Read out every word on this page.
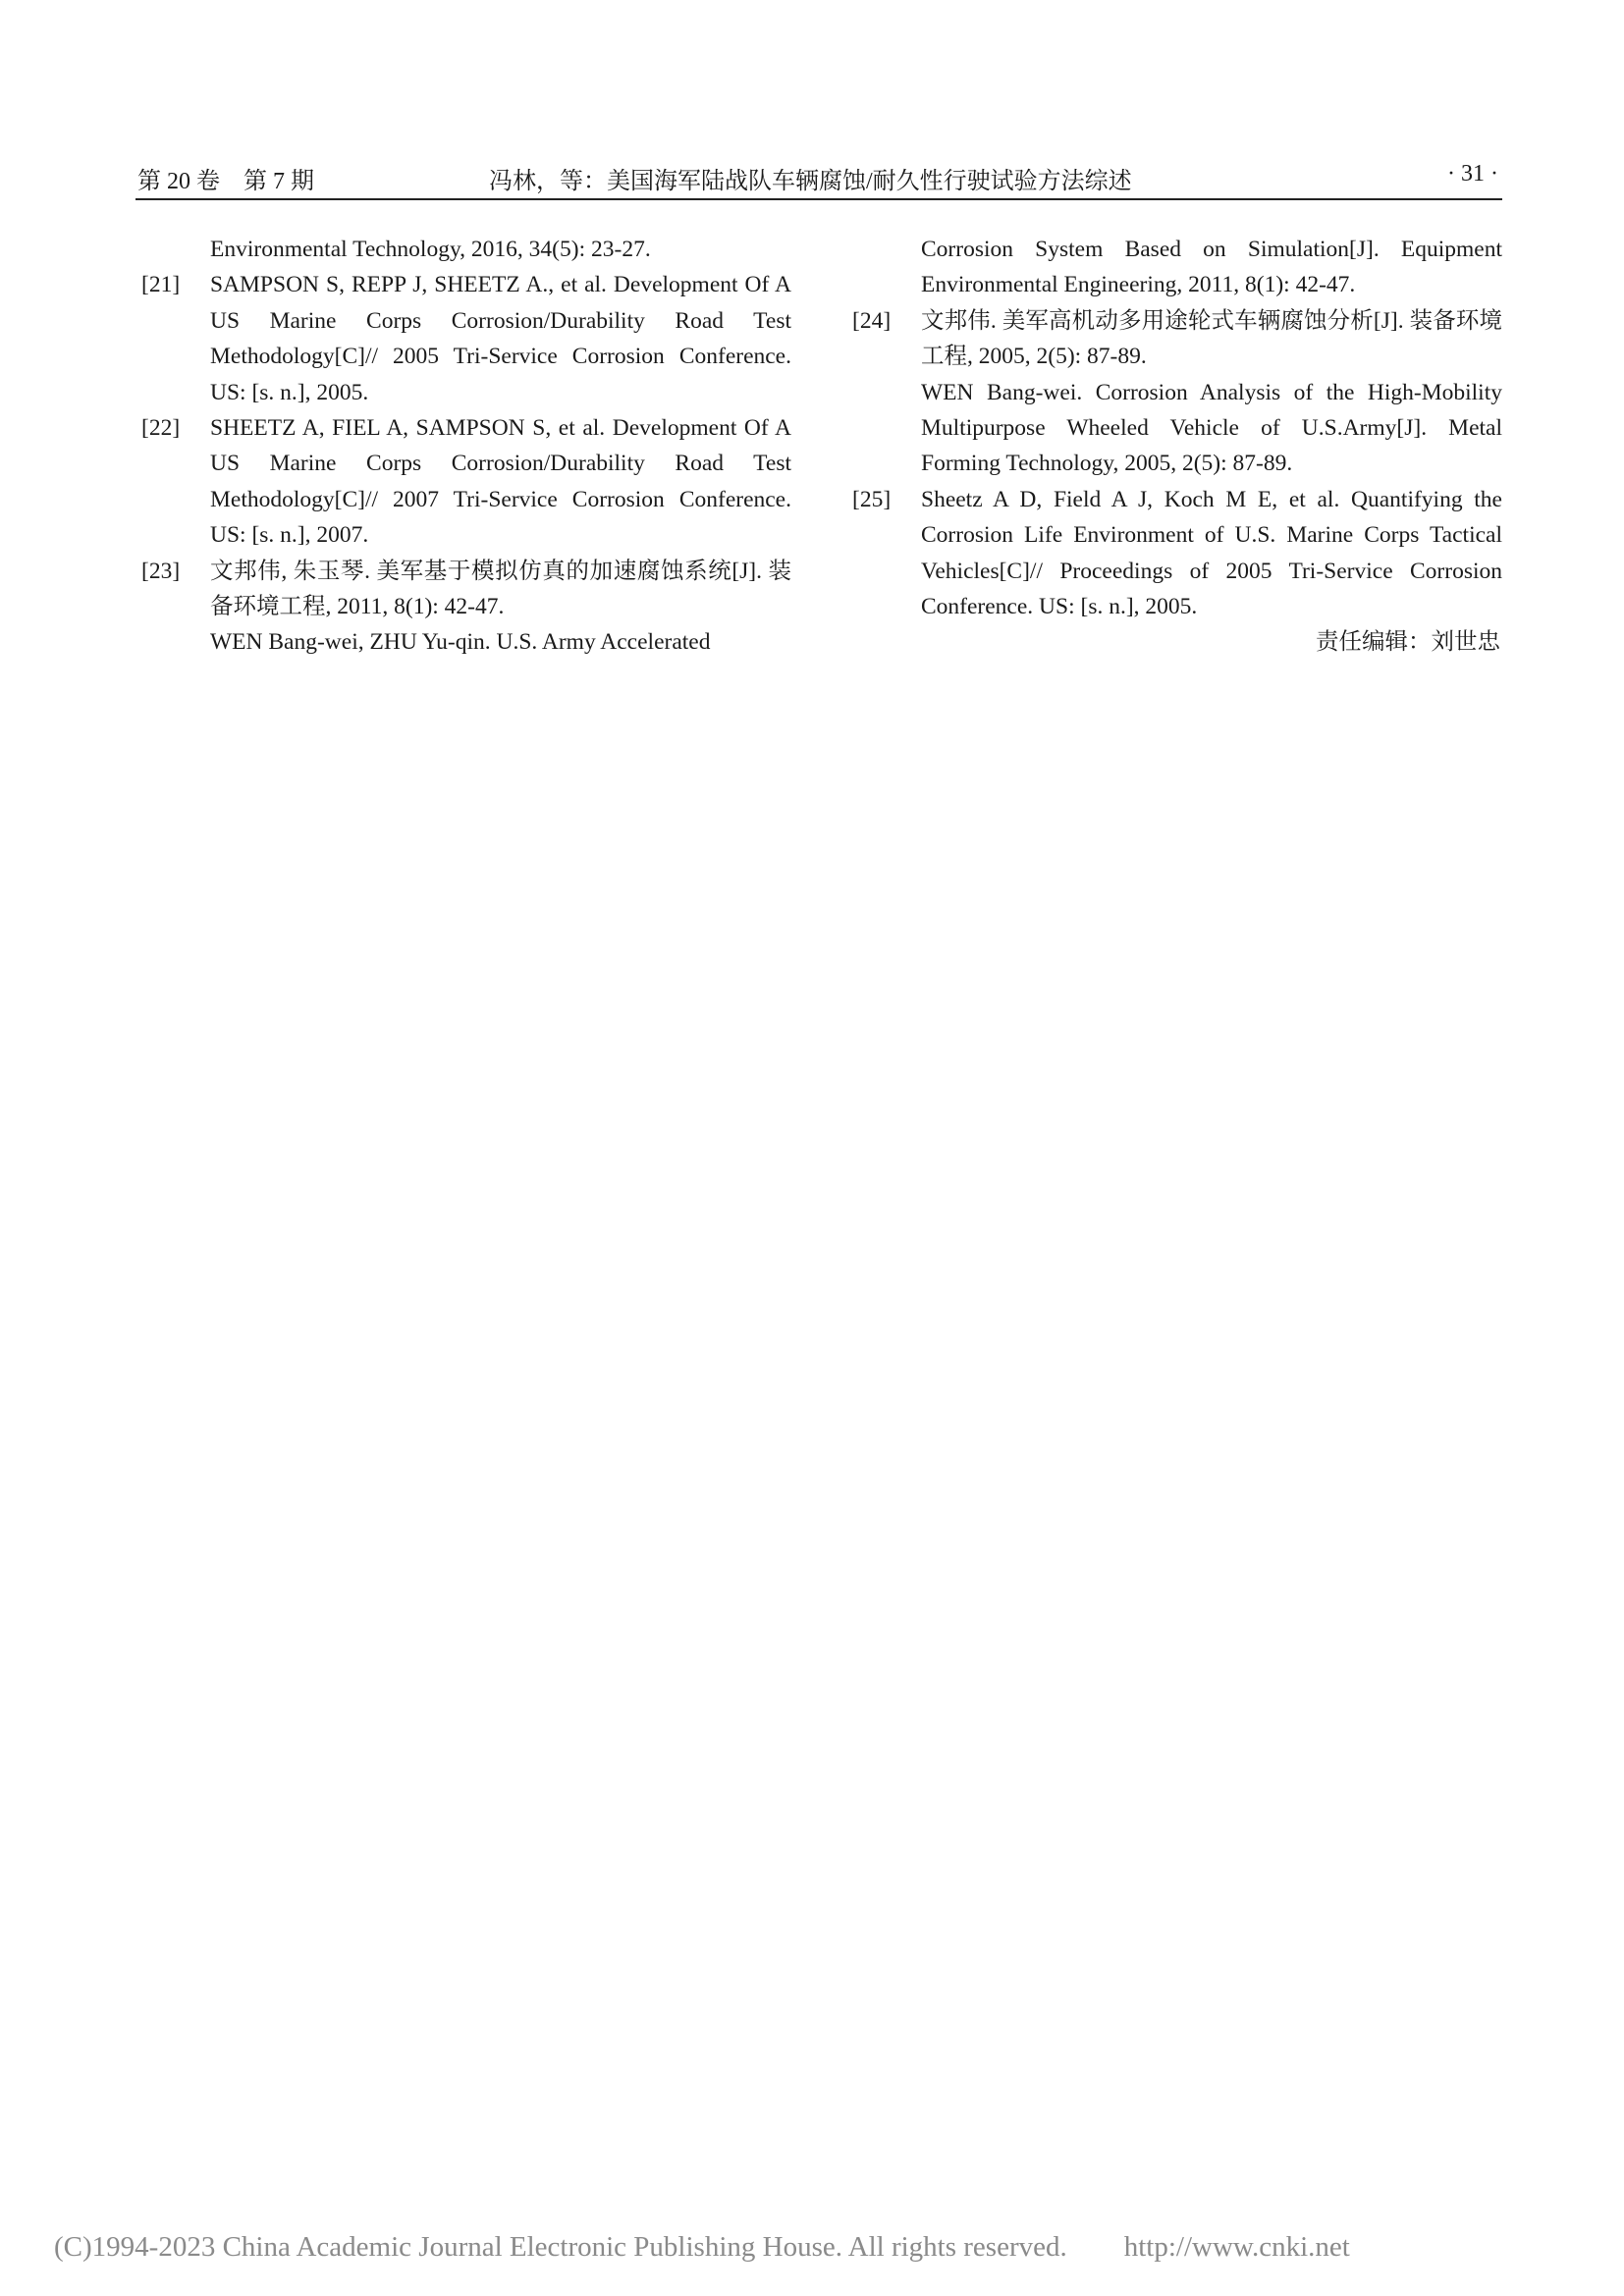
第 20 卷　第 7 期	冯林，等：美国海军陆战队车辆腐蚀/耐久性行驶试验方法综述	· 31 ·

Environmental Technology, 2016, 34(5): 23-27.

[21] SAMPSON S, REPP J, SHEETZ A., et al. Development Of A US Marine Corps Corrosion/Durability Road Test Methodology[C]// 2005 Tri-Service Corrosion Conference. US: [s. n.], 2005.

[22] SHEETZ A, FIEL A, SAMPSON S, et al. Development Of A US Marine Corps Corrosion/Durability Road Test Methodology[C]// 2007 Tri-Service Corrosion Conference. US: [s. n.], 2007.

[23] 文邦伟, 朱玉琴. 美军基于模拟仿真的加速腐蚀系统[J]. 装备环境工程, 2011, 8(1): 42-47.

WEN Bang-wei, ZHU Yu-qin. U.S. Army Accelerated

Corrosion System Based on Simulation[J]. Equipment Environmental Engineering, 2011, 8(1): 42-47.

[24] 文邦伟. 美军高机动多用途轮式车辆腐蚀分析[J]. 装备环境工程, 2005, 2(5): 87-89.

WEN Bang-wei. Corrosion Analysis of the High-Mobility Multipurpose Wheeled Vehicle of U.S.Army[J]. Metal Forming Technology, 2005, 2(5): 87-89.

[25] Sheetz A D, Field A J, Koch M E, et al. Quantifying the Corrosion Life Environment of U.S. Marine Corps Tactical Vehicles[C]// Proceedings of 2005 Tri-Service Corrosion Conference. US: [s. n.], 2005.

责任编辑：刘世忠
(C)1994-2023 China Academic Journal Electronic Publishing House. All rights reserved.　　http://www.cnki.net
